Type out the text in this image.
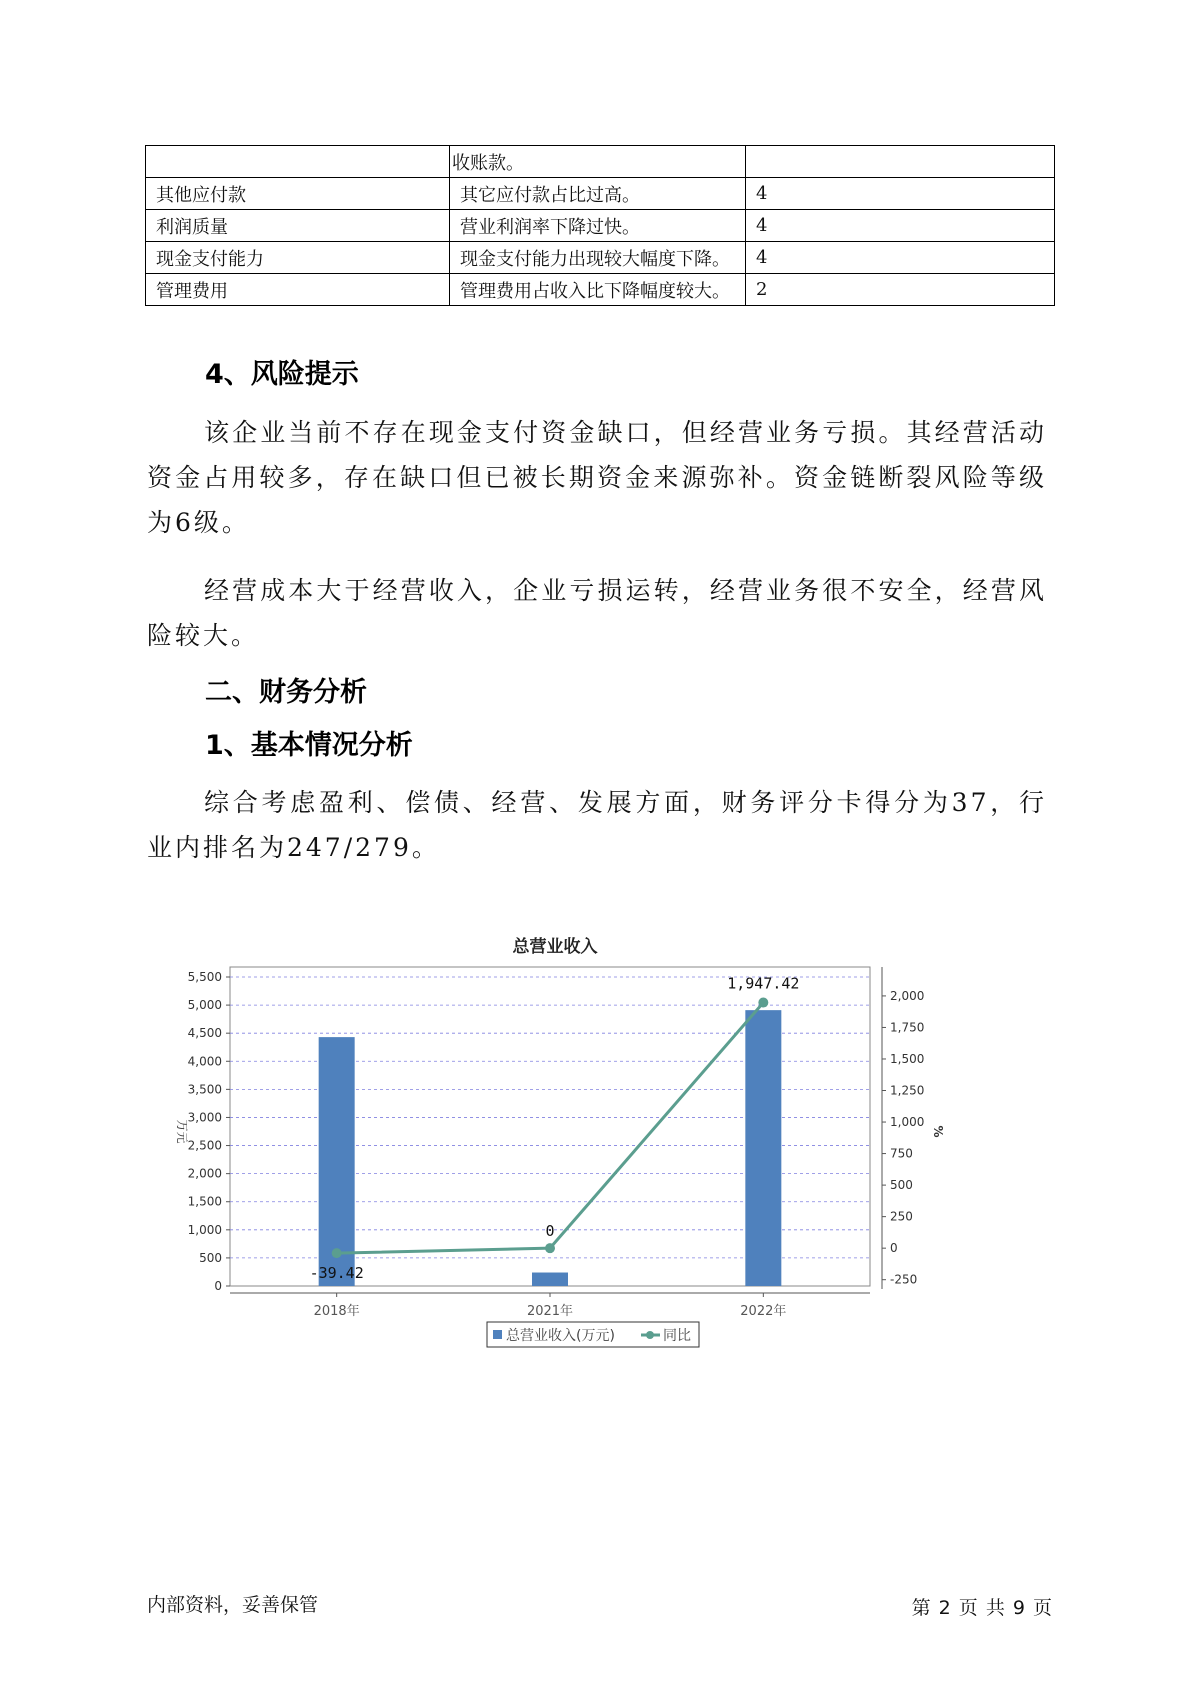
	收账款。	
其他应付款	其它应付款占比过高。	4
利润质量	营业利润率下降过快。	4
现金支付能力	现金支付能力出现较大幅度下降。	4
管理费用	管理费用占收入比下降幅度较大。	2
4、风险提示

该企业当前不存在现金支付资金缺口，但经营业务亏损。其经营活动资金占用较多，存在缺口但已被长期资金来源弥补。资金链断裂风险等级为6级。

经营成本大于经营收入，企业亏损运转，经营业务很不安全，经营风险较大。

二、财务分析
1、基本情况分析

综合考虑盈利、偿债、经营、发展方面，财务评分卡得分为37，行业内排名为247/279。

总营业收入
0
500
1,000
1,500
2,000
2,500
3,000
3,500
4,000
4,500
5,000
5,500
-250
0
250
500
750
1,000
1,250
1,500
1,750
2,000
万元	%
2018年	2021年	2022年
-39.42
0
1,947.42
总营业收入(万元)	同比
内部资料，妥善保管	第 2 页 共 9 页
